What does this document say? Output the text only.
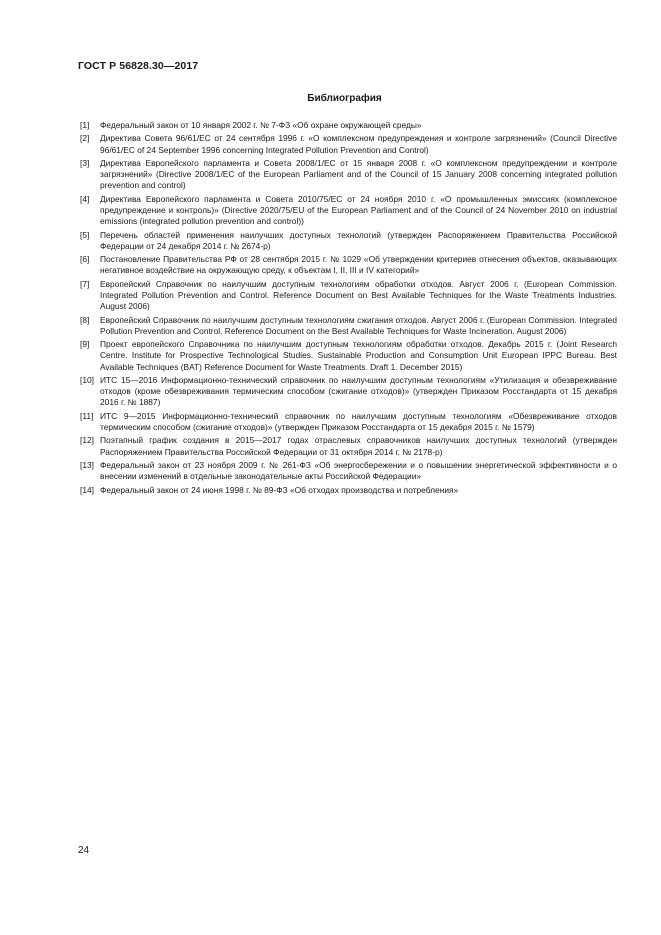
ГОСТ Р 56828.30—2017
Библиография
[1]	Федеральный закон от 10 января 2002 г. № 7-ФЗ «Об охране окружающей среды»
[2]	Директива Совета 96/61/ЕС от 24 сентября 1996 г. «О комплексном предупреждения и контроле загрязнений» (Council Directive 96/61/EC of 24 September 1996 concerning Integrated Pollution Prevention and Control)
[3]	Директива Европейского парламента и Совета 2008/1/ЕС от 15 января 2008 г. «О комплексном предупреждении и контроле загрязнений» (Directive 2008/1/EC of the European Parliament and of the Council of 15 January 2008 concerning integrated pollution prevention and control)
[4]	Директива Европейского парламента и Совета 2010/75/ЕС от 24 ноября 2010 г. «О промышленных эмиссиях (комплексное предупреждение и контроль)» (Directive 2020/75/EU of the European Parliament and of the Council of 24 November 2010 on industrial emissions (integrated pollution prevention and control))
[5]	Перечень областей применения наилучших доступных технологий (утвержден Распоряжением Правительства Российской Федерации от 24 декабря 2014 г. № 2674-р)
[6]	Постановление Правительства РФ от 28 сентября 2015 г. № 1029 «Об утверждении критериев отнесения объектов, оказывающих негативное воздействие на окружающую среду, к объектам I, II, III и IV категорий»
[7]	Европейский Справочник по наилучшим доступным технологиям обработки отходов. Август 2006 г. (European Commission. Integrated Pollution Prevention and Control. Reference Document on Best Available Techniques for the Waste Treatments Industries. August 2006)
[8]	Европейский Справочник по наилучшим доступным технологиям сжигания отходов. Август 2006 г. (European Commission. Integrated Pollution Prevention and Control. Reference Document on the Best Available Techniques for Waste Incineration. August 2006)
[9]	Проект европейского Справочника по наилучшим доступным технологиям обработки отходов. Декабрь 2015 г. (Joint Research Centre. Institute for Prospective Technological Studies. Sustainable Production and Consumption Unit European IPPC Bureau. Best Available Techniques (BAT) Reference Document for Waste Treatments. Draft 1. December 2015)
[10] ИТС 15—2016 Информационно-технический справочник по наилучшим доступным технологиям «Утилизация и обезвреживание отходов (кроме обезвреживания термическим способом (сжигание отходов)» (утвержден Приказом Росстандарта от 15 декабря 2016 г. № 1887)
[11] ИТС 9—2015 Информационно-технический справочник по наилучшим доступным технологиям «Обезвреживание отходов термическим способом (сжигание отходов)» (утвержден Приказом Росстандарта от 15 декабря 2015 г. № 1579)
[12] Поэтапный график создания в 2015—2017 годах отраслевых справочников наилучших доступных технологий (утвержден Распоряжением Правительства Российской Федерации от 31 октября 2014 г. № 2178-р)
[13] Федеральный закон от 23 ноября 2009 г. № 261-ФЗ «Об энергосбережении и о повышении энергетической эффективности и о внесении изменений в отдельные законодательные акты Российской Федерации»
[14] Федеральный закон от 24 июня 1998 г. № 89-ФЗ «Об отходах производства и потребления»
24
